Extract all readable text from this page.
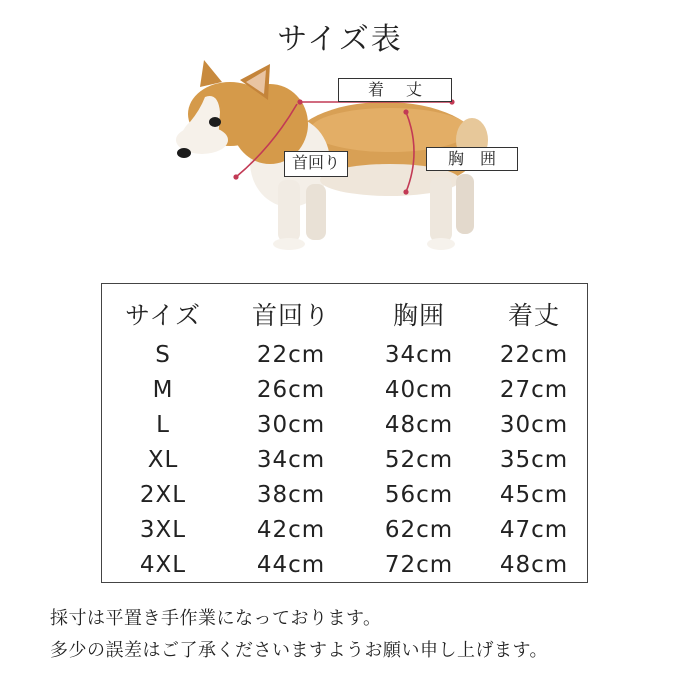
サイズ表
着丈
首回り	胸囲
サイズ	首回り	胸囲	着丈
S	22cm	34cm	22cm
M	26cm	40cm	27cm
L	30cm	48cm	30cm
XL	34cm	52cm	35cm
2XL	38cm	56cm	45cm
3XL	42cm	62cm	47cm
4XL	44cm	72cm	48cm
採寸は平置き手作業になっております。
多少の誤差はご了承くださいますようお願い申し上げます。
